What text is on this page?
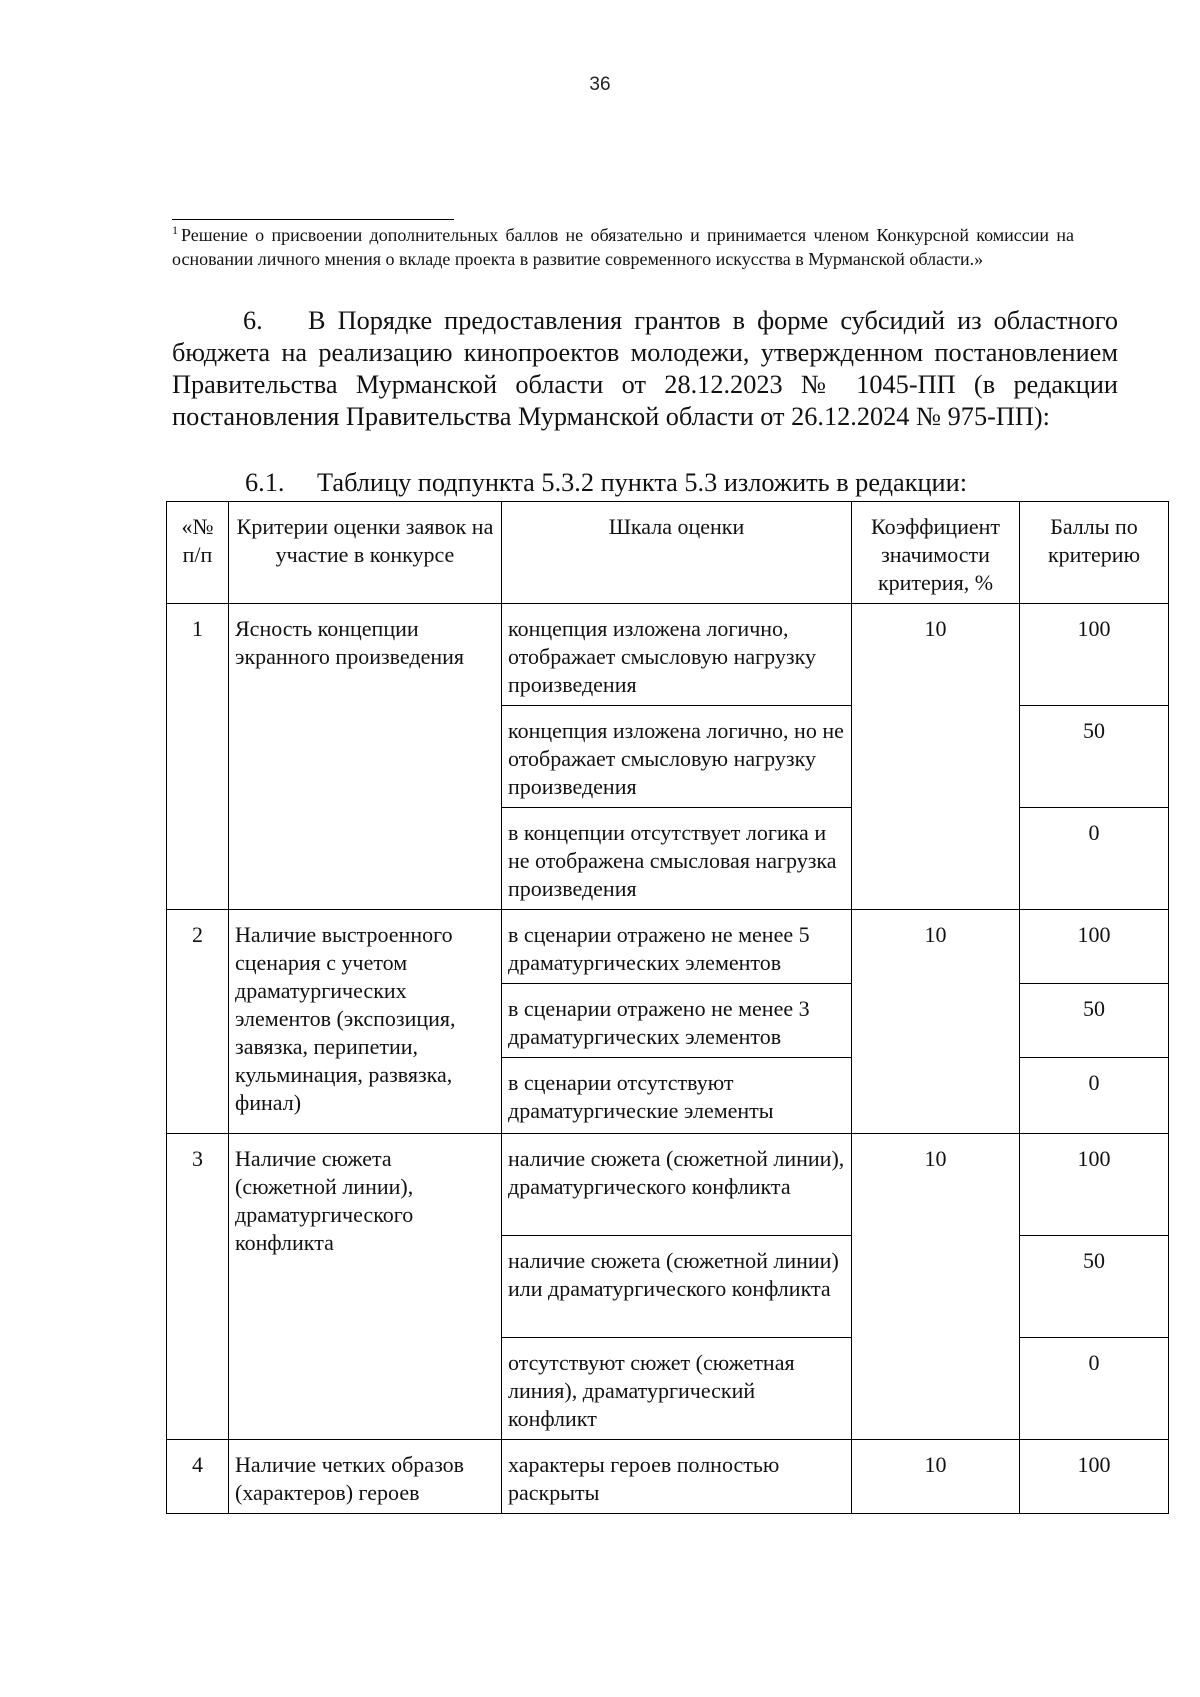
36
$^1$ Решение о присвоении дополнительных баллов не обязательно и принимается членом Конкурсной комиссии на основании личного мнения о вкладе проекта в развитие современного искусства в Мурманской области.»
6. В Порядке предоставления грантов в форме субсидий из областного бюджета на реализацию кинопроектов молодежи, утвержденном постановлением Правительства Мурманской области от 28.12.2023 № 1045-ПП (в редакции постановления Правительства Мурманской области от 26.12.2024 № 975-ПП):
6.1. Таблицу подпункта 5.3.2 пункта 5.3 изложить в редакции:
«№ п/п	Критерии оценки заявок на участие в конкурсе	Шкала оценки	Коэффициент значимости критерия, %	Баллы по критерию
1	Ясность концепции экранного произведения	концепция изложена логично, отображает смысловую нагрузку произведения	10	100
		концепция изложена логично, но не отображает смысловую нагрузку произведения		50
		в концепции отсутствует логика и не отображена смысловая нагрузка произведения		0
2	Наличие выстроенного сценария с учетом драматургических элементов (экспозиция, завязка, перипетии, кульминация, развязка, финал)	в сценарии отражено не менее 5 драматургических элементов	10	100
		в сценарии отражено не менее 3 драматургических элементов		50
		в сценарии отсутствуют драматургические элементы		0
3	Наличие сюжета (сюжетной линии), драматургического конфликта	наличие сюжета (сюжетной линии), драматургического конфликта	10	100
		наличие сюжета (сюжетной линии) или драматургического конфликта		50
		отсутствуют сюжет (сюжетная линия), драматургический конфликт		0
4	Наличие четких образов (характеров) героев	характеры героев полностью раскрыты	10	100
